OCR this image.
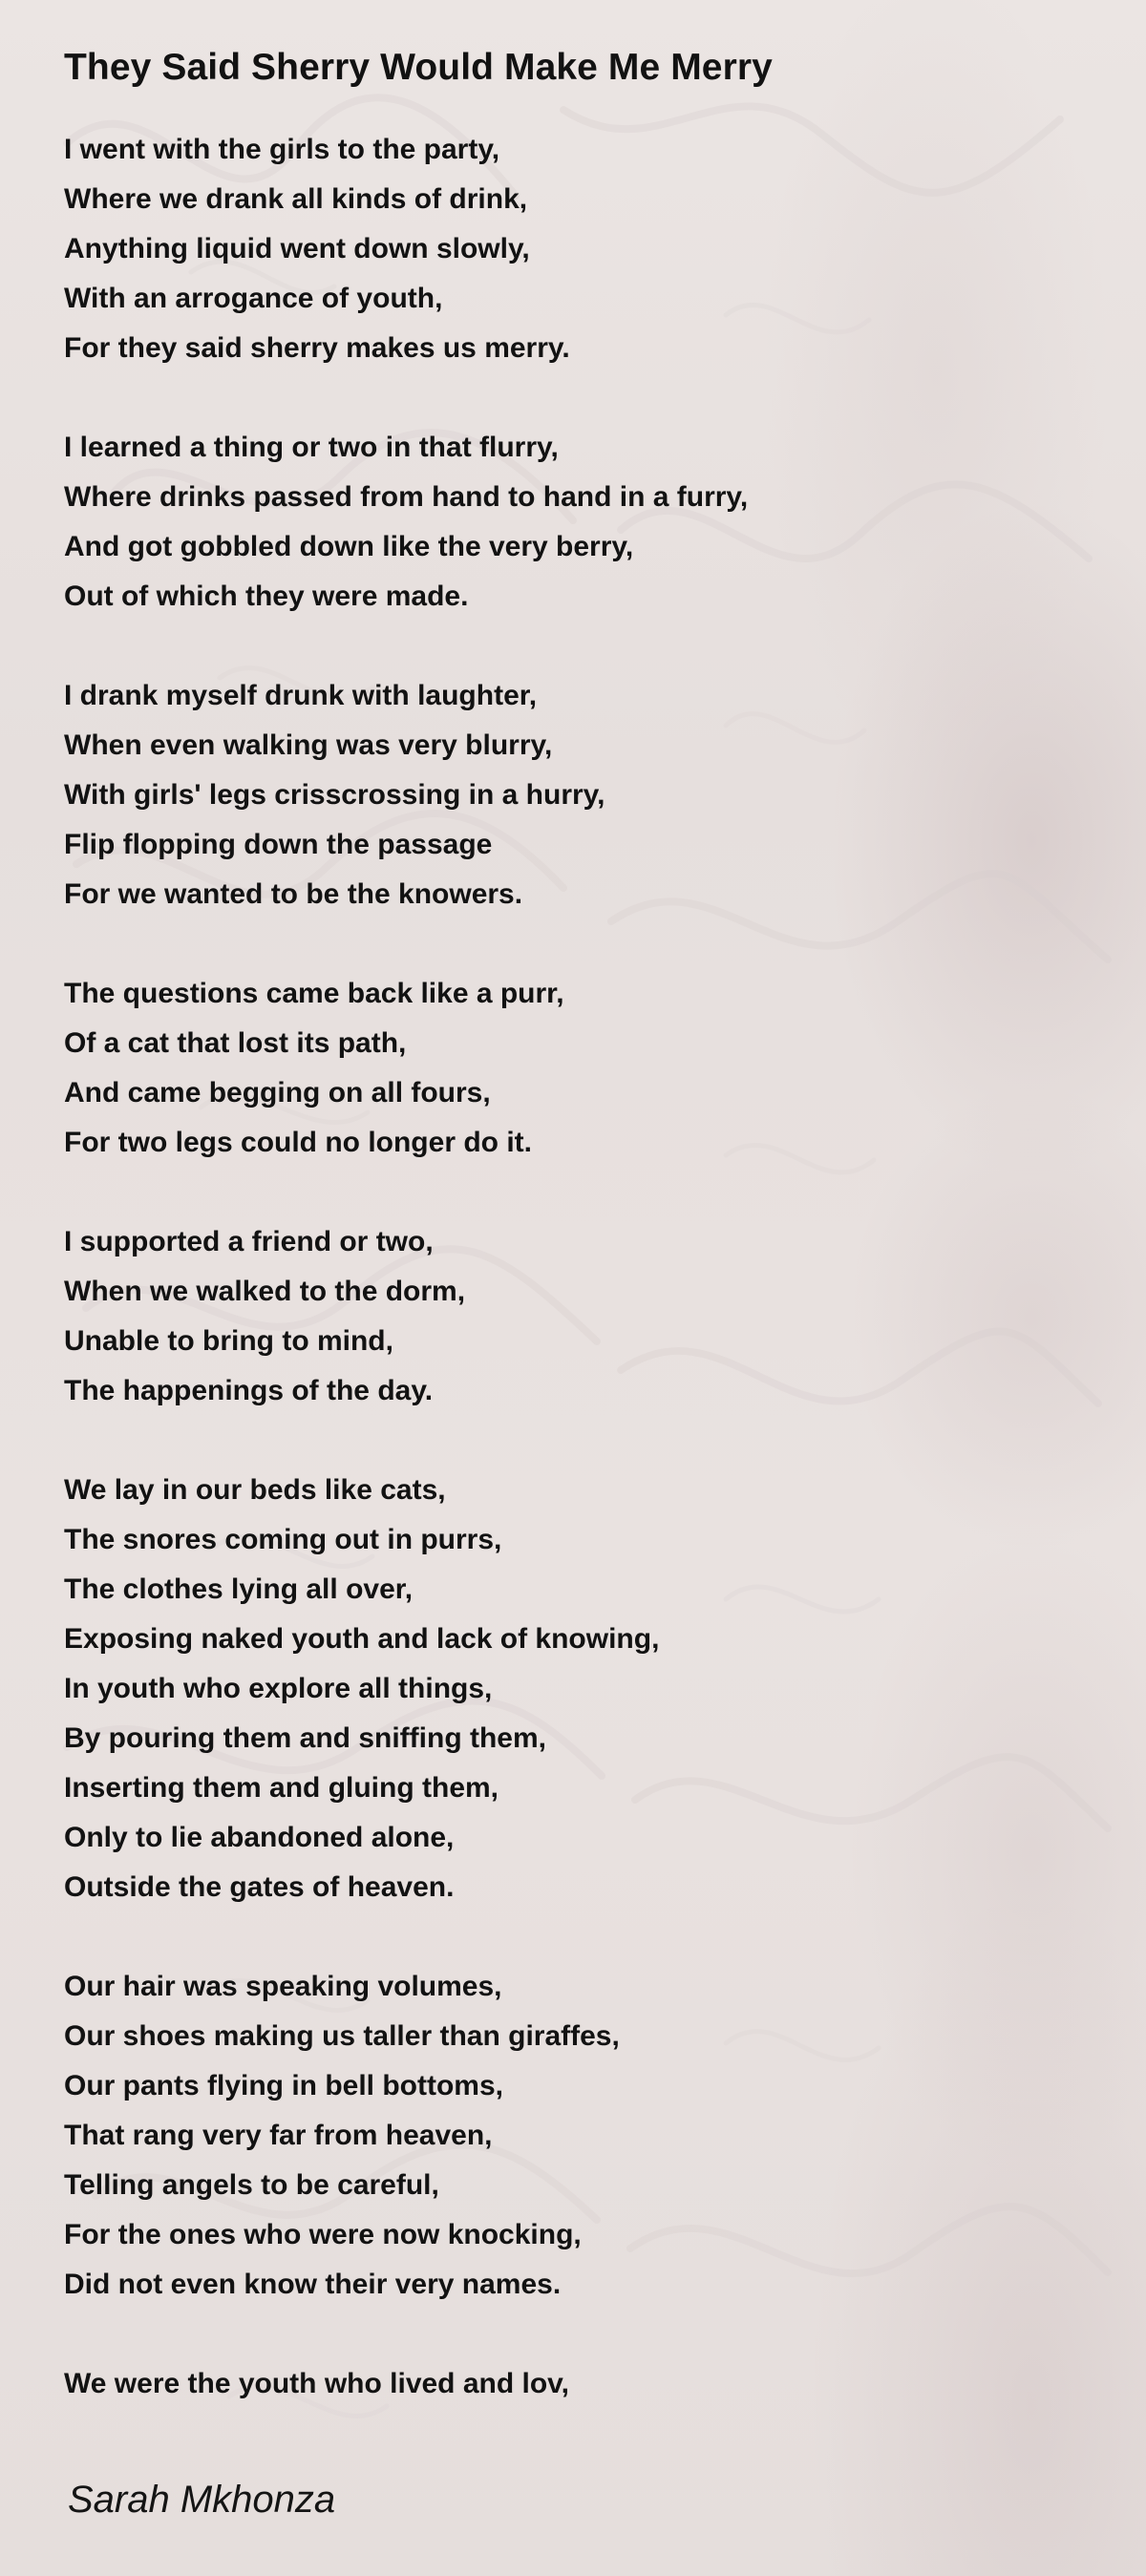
They Said Sherry Would Make Me Merry
I went with the girls to the party,
Where we drank all kinds of drink,
Anything liquid went down slowly,
With an arrogance of youth,
For they said sherry makes us merry.
I learned a thing or two in that flurry,
Where drinks passed from hand to hand in a furry,
And got gobbled down like the very berry,
Out of which they were made.
I drank myself drunk with laughter,
When even walking was very blurry,
With girls' legs crisscrossing in a hurry,
Flip flopping down the passage
For we wanted to be the knowers.
The questions came back like a purr,
Of a cat that lost its path,
And came begging on all fours,
For two legs could no longer do it.
I supported a friend or two,
When we walked to the dorm,
Unable to bring to mind,
The happenings of the day.
We lay in our beds like cats,
The snores coming out in purrs,
The clothes lying all over,
Exposing naked youth and lack of knowing,
In youth who explore all things,
By pouring them and sniffing them,
Inserting them and gluing them,
Only to lie abandoned alone,
Outside the gates of heaven.
Our hair was speaking volumes,
Our shoes making us taller than giraffes,
Our pants flying in bell bottoms,
That rang very far from heaven,
Telling angels to be careful,
For the ones who were now knocking,
Did not even know their very names.
We were the youth who lived and lov,
Sarah Mkhonza
